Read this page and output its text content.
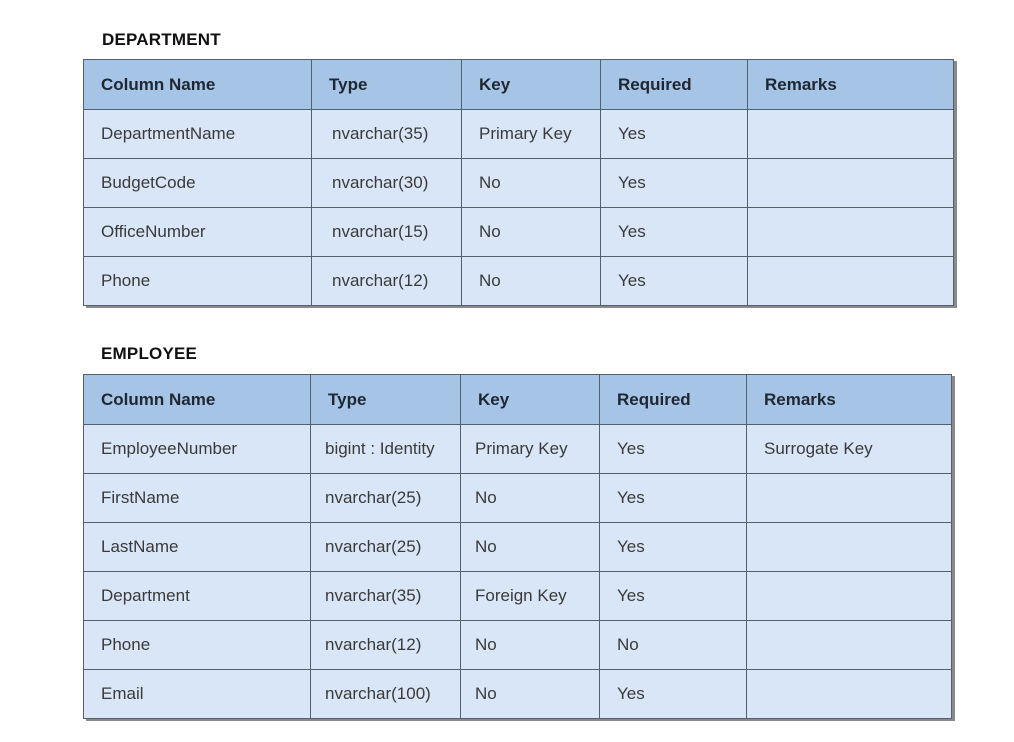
DEPARTMENT
Column Name	Type	Key	Required	Remarks
DepartmentName	nvarchar(35)	Primary Key	Yes	
BudgetCode	nvarchar(30)	No	Yes	
OfficeNumber	nvarchar(15)	No	Yes	
Phone	nvarchar(12)	No	Yes	
EMPLOYEE
Column Name	Type	Key	Required	Remarks
EmployeeNumber	bigint : Identity	Primary Key	Yes	Surrogate Key
FirstName	nvarchar(25)	No	Yes	
LastName	nvarchar(25)	No	Yes	
Department	nvarchar(35)	Foreign Key	Yes	
Phone	nvarchar(12)	No	No	
Email	nvarchar(100)	No	Yes	
